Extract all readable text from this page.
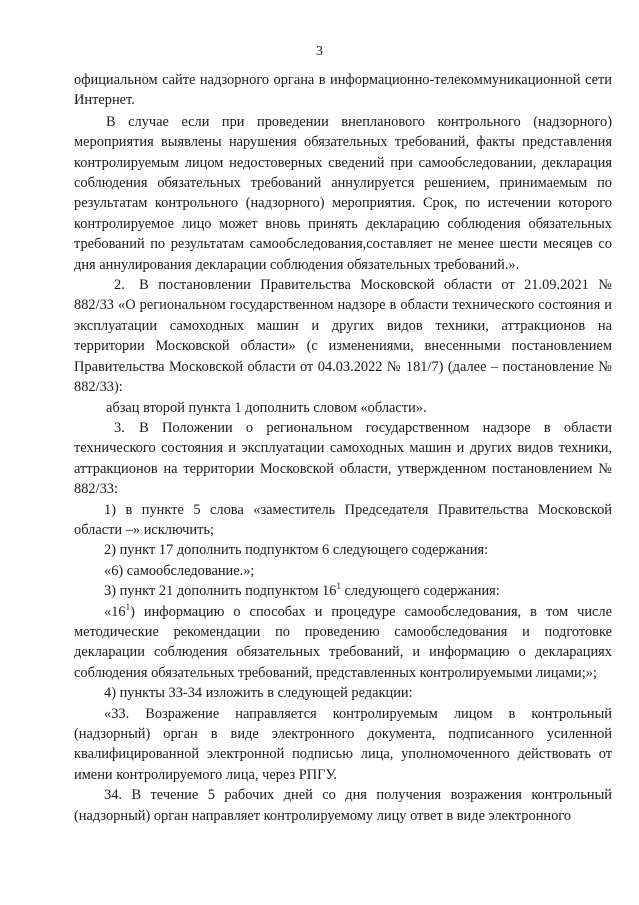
3

официальном сайте надзорного органа в информационно-телекоммуникационной сети Интернет.

В случае если при проведении внепланового контрольного (надзорного) мероприятия выявлены нарушения обязательных требований, факты представления контролируемым лицом недостоверных сведений при самообследовании, декларация соблюдения обязательных требований аннулируется решением, принимаемым по результатам контрольного (надзорного) мероприятия. Срок, по истечении которого контролируемое лицо может вновь принять декларацию соблюдения обязательных требований по результатам самообследования,составляет не менее шести месяцев со дня аннулирования декларации соблюдения обязательных требований.».

2. В постановлении Правительства Московской области от 21.09.2021 № 882/33 «О региональном государственном надзоре в области технического состояния и эксплуатации самоходных машин и других видов техники, аттракционов на территории Московской области» (с изменениями, внесенными постановлением Правительства Московской области от 04.03.2022 № 181/7) (далее – постановление № 882/33):

абзац второй пункта 1 дополнить словом «области».

3. В Положении о региональном государственном надзоре в области технического состояния и эксплуатации самоходных машин и других видов техники, аттракционов на территории Московской области, утвержденном постановлением № 882/33:

1) в пункте 5 слова «заместитель Председателя Правительства Московской области –» исключить;

2) пункт 17 дополнить подпунктом 6 следующего содержания:

«6) самообследование.»;

3) пункт 21 дополнить подпунктом $16^1$ следующего содержания:

«$16^1$) информацию о способах и процедуре самообследования, в том числе методические рекомендации по проведению самообследования и подготовке декларации соблюдения обязательных требований, и информацию о декларациях соблюдения обязательных требований, представленных контролируемыми лицами;»;

4) пункты 33-34 изложить в следующей редакции:

«33. Возражение направляется контролируемым лицом в контрольный (надзорный) орган в виде электронного документа, подписанного усиленной квалифицированной электронной подписью лица, уполномоченного действовать от имени контролируемого лица, через РПГУ.

34. В течение 5 рабочих дней со дня получения возражения контрольный (надзорный) орган направляет контролируемому лицу ответ в виде электронного
